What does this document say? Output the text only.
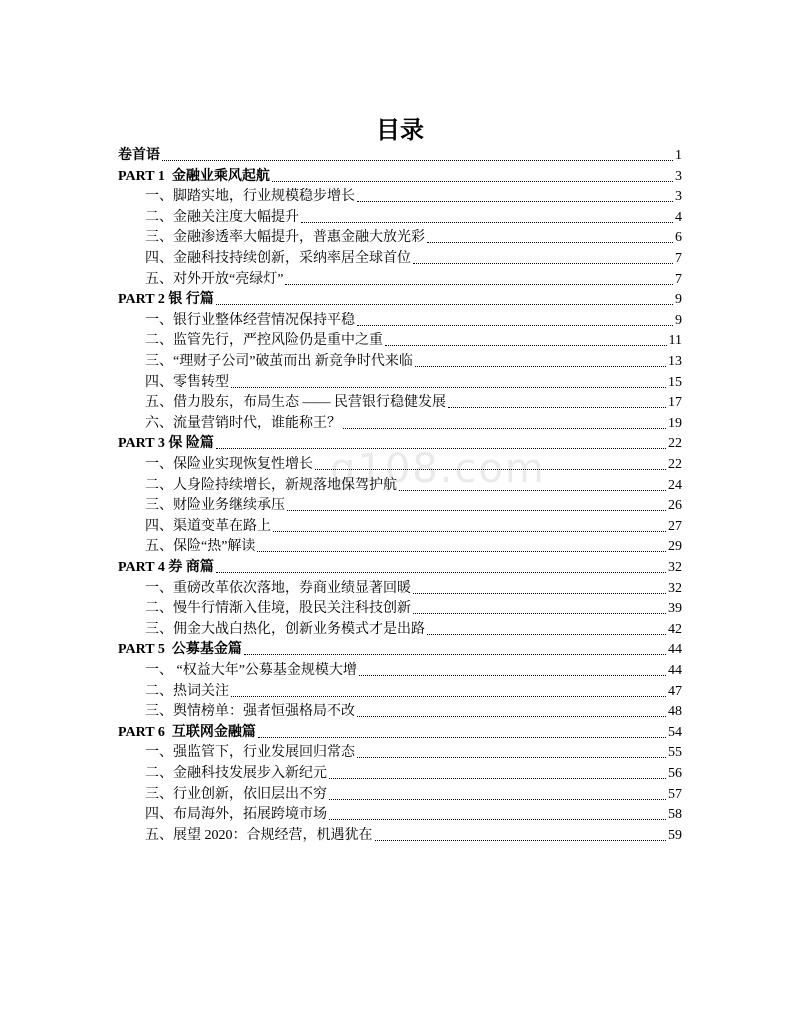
目录
g108.com
卷首语	1
PART 1  金融业乘风起航	3
一、脚踏实地，行业规模稳步增长	3
二、金融关注度大幅提升	4
三、金融渗透率大幅提升，普惠金融大放光彩	6
四、金融科技持续创新，采纳率居全球首位	7
五、对外开放“亮绿灯”	7
PART 2 银 行篇	9
一、银行业整体经营情况保持平稳	9
二、监管先行，严控风险仍是重中之重	11
三、“理财子公司”破茧而出 新竞争时代来临	13
四、零售转型	15
五、借力股东，布局生态 —— 民营银行稳健发展	17
六、流量营销时代，谁能称王？	19
PART 3 保 险篇	22
一、保险业实现恢复性增长	22
二、人身险持续增长，新规落地保驾护航	24
三、财险业务继续承压	26
四、渠道变革在路上	27
五、保险“热”解读	29
PART 4 券 商篇	32
一、重磅改革依次落地，券商业绩显著回暖	32
二、慢牛行情渐入佳境，股民关注科技创新	39
三、佣金大战白热化，创新业务模式才是出路	42
PART 5  公募基金篇	44
一、 “权益大年”公募基金规模大增	44
二、热词关注	47
三、舆情榜单：强者恒强格局不改	48
PART 6  互联网金融篇	54
一、强监管下，行业发展回归常态	55
二、金融科技发展步入新纪元	56
三、行业创新，依旧层出不穷	57
四、布局海外，拓展跨境市场	58
五、展望 2020：合规经营，机遇犹在	59
